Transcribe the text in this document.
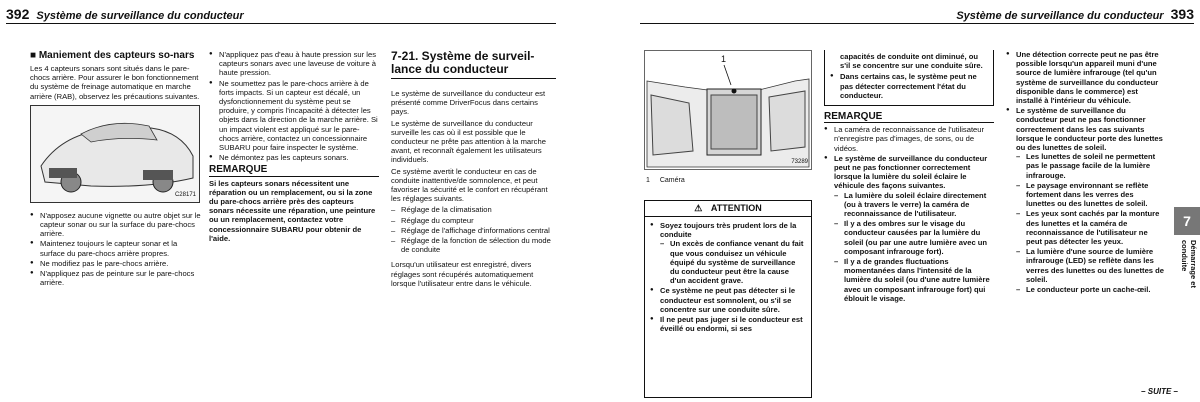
392 Système de surveillance du conducteur
■ Maniement des capteurs so-nars

Les 4 capteurs sonars sont situés dans le pare-chocs arrière. Pour assurer le bon fonctionnement du système de freinage automatique en marche arrière (RAB), observez les précautions suivantes.

C28171
● N'apposez aucune vignette ou autre objet sur le capteur sonar ou sur la surface du pare-chocs arrière.
● Maintenez toujours le capteur sonar et la surface du pare-chocs arrière propres.
● Ne modifiez pas le pare-chocs arrière.
● N'appliquez pas de peinture sur le pare-chocs arrière.
● N'appliquez pas d'eau à haute pression sur les capteurs sonars avec une laveuse de voiture à haute pression.
● Ne soumettez pas le pare-chocs arrière à de forts impacts. Si un capteur est décalé, un dysfonctionnement du système peut se produire, y compris l'incapacité à détecter les objets dans la direction de la marche arrière. Si un impact violent est appliqué sur le pare-chocs arrière, contactez un concessionnaire SUBARU pour faire inspecter le système.
● Ne démontez pas les capteurs sonars.
REMARQUE

Si les capteurs sonars nécessitent une réparation ou un remplacement, ou si la zone du pare-chocs arrière près des capteurs sonars nécessite une réparation, une peinture ou un remplacement, contactez votre concessionnaire SUBARU pour obtenir de l'aide.

7-21. Système de surveil-
lance du conducteur

Le système de surveillance du conducteur est présenté comme DriverFocus dans certains pays.

Le système de surveillance du conducteur surveille les cas où il est possible que le conducteur ne prête pas attention à la marche avant, et reconnaît également les utilisateurs individuels.

Ce système avertit le conducteur en cas de conduite inattentive/de somnolence, et peut favoriser la sécurité et le confort en récupérant les réglages suivants.

– Réglage de la climatisation
– Réglage du compteur
– Réglage de l'affichage d'informations central
– Réglage de la fonction de sélection du mode de conduite

Lorsqu'un utilisateur est enregistré, divers réglages sont récupérés automatiquement lorsque l'utilisateur entre dans le véhicule.

Système de surveillance du conducteur 393
1
73289
1 Caméra
⚠ ATTENTION
● Soyez toujours très prudent lors de la conduite
– Un excès de confiance venant du fait que vous conduisez un véhicule équipé du système de surveillance du conducteur peut être la cause d'un accident grave.
● Ce système ne peut pas détecter si le conducteur est somnolent, ou s'il se concentre sur une conduite sûre.
● Il ne peut pas juger si le conducteur est éveillé ou endormi, si ses

capacités de conduite ont diminué, ou s'il se concentre sur une conduite sûre.

● Dans certains cas, le système peut ne pas détecter correctement l'état du conducteur.
REMARQUE
● La caméra de reconnaissance de l'utilisateur n'enregistre pas d'images, de sons, ou de vidéos.
● Le système de surveillance du conducteur peut ne pas fonctionner correctement lorsque la lumière du soleil éclaire le véhicule des façons suivantes.
– La lumière du soleil éclaire directement (ou à travers le verre) la caméra de reconnaissance de l'utilisateur.
– Il y a des ombres sur le visage du conducteur causées par la lumière du soleil (ou par une autre lumière avec un composant infrarouge fort).
– Il y a de grandes fluctuations momentanées dans l'intensité de la lumière du soleil (ou d'une autre lumière avec un composant infrarouge fort) qui éblouit le visage.
● Une détection correcte peut ne pas être possible lorsqu'un appareil muni d'une source de lumière infrarouge (tel qu'un système de surveillance du conducteur disponible dans le commerce) est installé à l'intérieur du véhicule.
● Le système de surveillance du conducteur peut ne pas fonctionner correctement dans les cas suivants lorsque le conducteur porte des lunettes ou des lunettes de soleil.
– Les lunettes de soleil ne permettent pas le passage facile de la lumière infrarouge.
– Le paysage environnant se reflète fortement dans les verres des lunettes ou des lunettes de soleil.
– Les yeux sont cachés par la monture des lunettes et la caméra de reconnaissance de l'utilisateur ne peut pas détecter les yeux.
– La lumière d'une source de lumière infrarouge (LED) se reflète dans les verres des lunettes ou des lunettes de soleil.
– Le conducteur porte un cache-œil.
– SUITE –
7
Démarrage et conduite
